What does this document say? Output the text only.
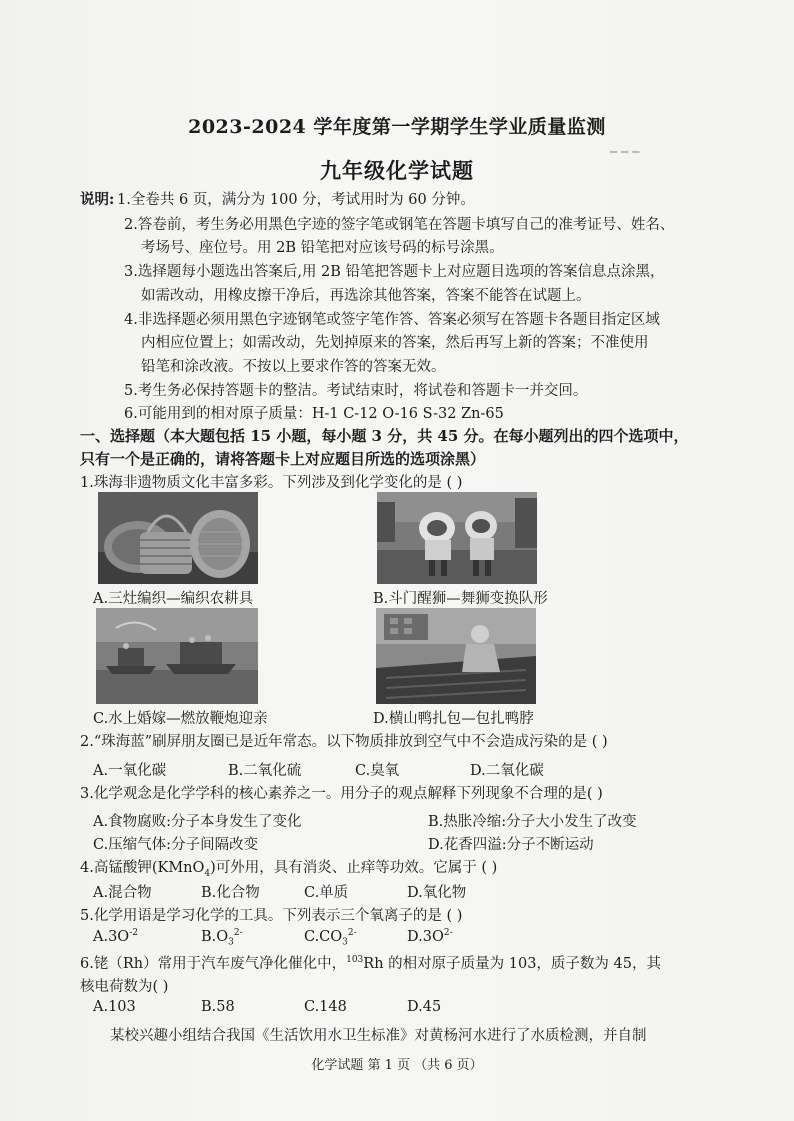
━ ━ ━
2023-2024 学年度第一学期学生学业质量监测
九年级化学试题
说明: 1.全卷共 6 页，满分为 100 分，考试用时为 60 分钟。
2.答卷前，考生务必用黑色字迹的签字笔或钢笔在答题卡填写自己的准考证号、姓名、
考场号、座位号。用 2B 铅笔把对应该号码的标号涂黑。
3.选择题每小题选出答案后,用 2B 铅笔把答题卡上对应题目选项的答案信息点涂黑，
如需改动，用橡皮擦干净后，再选涂其他答案，答案不能答在试题上。
4.非选择题必须用黑色字迹钢笔或签字笔作答、答案必须写在答题卡各题目指定区域
内相应位置上；如需改动，先划掉原来的答案，然后再写上新的答案；不准使用
铅笔和涂改液。不按以上要求作答的答案无效。
5.考生务必保持答题卡的整洁。考试结束时，将试卷和答题卡一并交回。
6.可能用到的相对原子质量：H-1 C-12 O-16 S-32 Zn-65
一、选择题（本大题包括 15 小题，每小题 3 分，共 45 分。在每小题列出的四个选项中，
只有一个是正确的，请将答题卡上对应题目所选的选项涂黑）
1.珠海非遗物质文化丰富多彩。下列涉及到化学变化的是 ( )
A.三灶编织—编织农耕具	B.斗门醒狮—舞狮变换队形
C.水上婚嫁—燃放鞭炮迎亲	D.横山鸭扎包—包扎鸭脖
2.“珠海蓝”刷屏朋友圈已是近年常态。以下物质排放到空气中不会造成污染的是 ( )
A.一氧化碳	B.二氧化硫	C.臭氧	D.二氧化碳
3.化学观念是化学学科的核心素养之一。用分子的观点解释下列现象不合理的是( )
A.食物腐败:分子本身发生了变化	B.热胀冷缩:分子大小发生了改变
C.压缩气体:分子间隔改变	D.花香四溢:分子不断运动
4.高锰酸钾(KMnO$_4$)可外用，具有消炎、止痒等功效。它属于 ( )
A.混合物	B.化合物	C.单质	D.氧化物
5.化学用语是学习化学的工具。下列表示三个氧离子的是 ( )
$A.3O^{-2}$	$B.O_3^{2-}$	$C.CO_3^{2-}$	$D.3O^{2-}$
6.铑（Rh）常用于汽车废气净化催化中，$^{103}$Rh 的相对原子质量为 103，质子数为 45，其
核电荷数为( )
A.103	B.58	C.148	D.45
某校兴趣小组结合我国《生活饮用水卫生标准》对黄杨河水进行了水质检测，并自制
化学试题 第 1 页 （共 6 页）
